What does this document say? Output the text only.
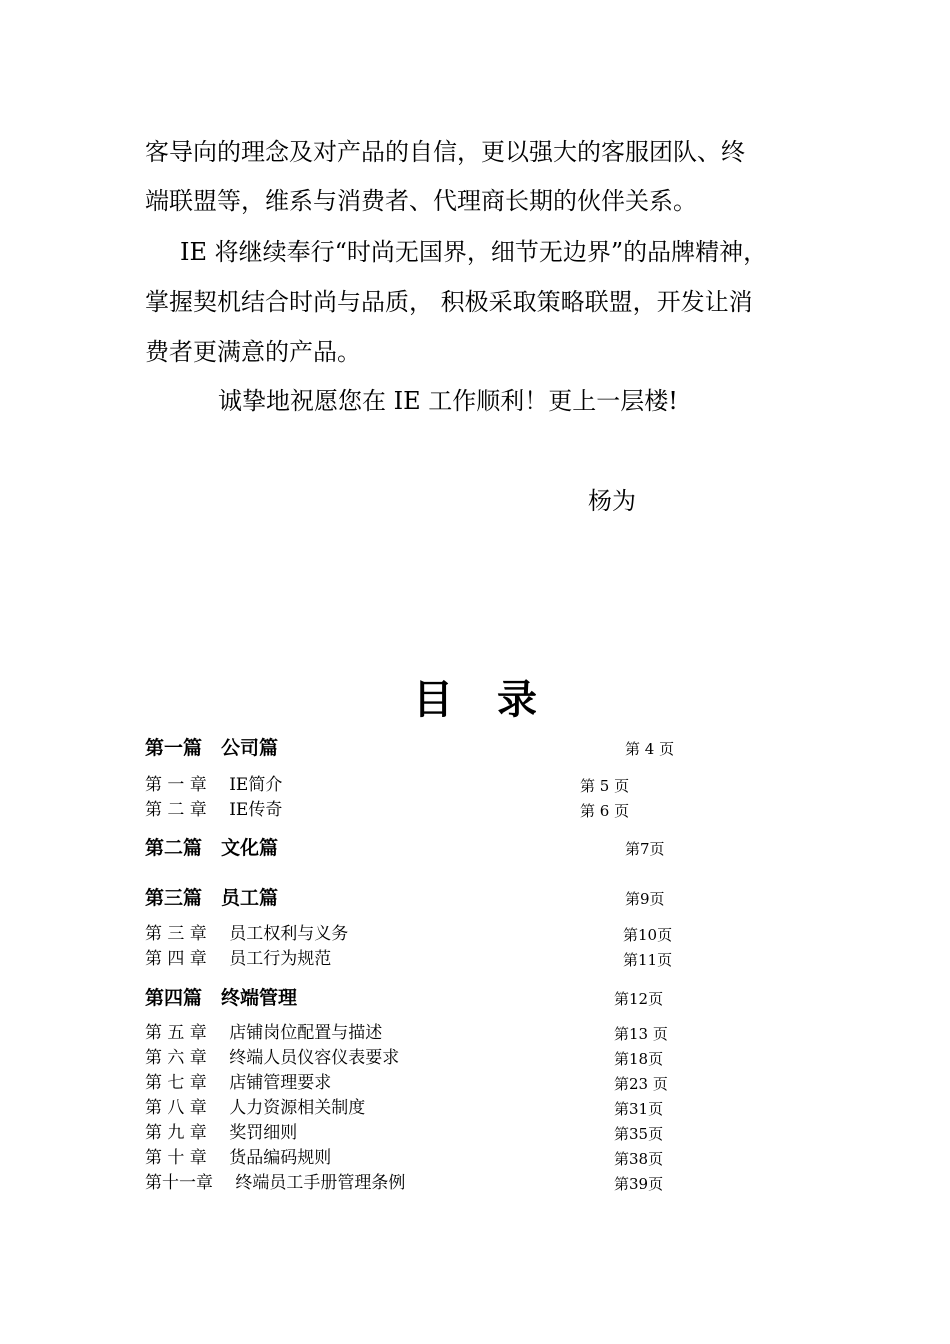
客导向的理念及对产品的自信，更以强大的客服团队、终
端联盟等，维系与消费者、代理商长期的伙伴关系。
IE 将继续奉行“时尚无国界，细节无边界”的品牌精神，
掌握契机结合时尚与品质， 积极采取策略联盟，开发让消
费者更满意的产品。
诚挚地祝愿您在 IE 工作顺利！更上一层楼!
杨为
目录
第一篇　公司篇	第 4 页
第 一 章　 IE简介	第 5 页
第 二 章　 IE传奇	第 6 页
第二篇　文化篇	第7页
第三篇　员工篇	第9页
第 三 章　 员工权利与义务	第10页
第 四 章　 员工行为规范	第11页
第四篇　终端管理	第12页
第 五 章　 店铺岗位配置与描述	第13 页
第 六 章　 终端人员仪容仪表要求	第18页
第 七 章　 店铺管理要求	第23 页
第 八 章　 人力资源相关制度	第31页
第 九 章　 奖罚细则	第35页
第 十 章　 货品编码规则	第38页
第十一章　 终端员工手册管理条例	第39页
